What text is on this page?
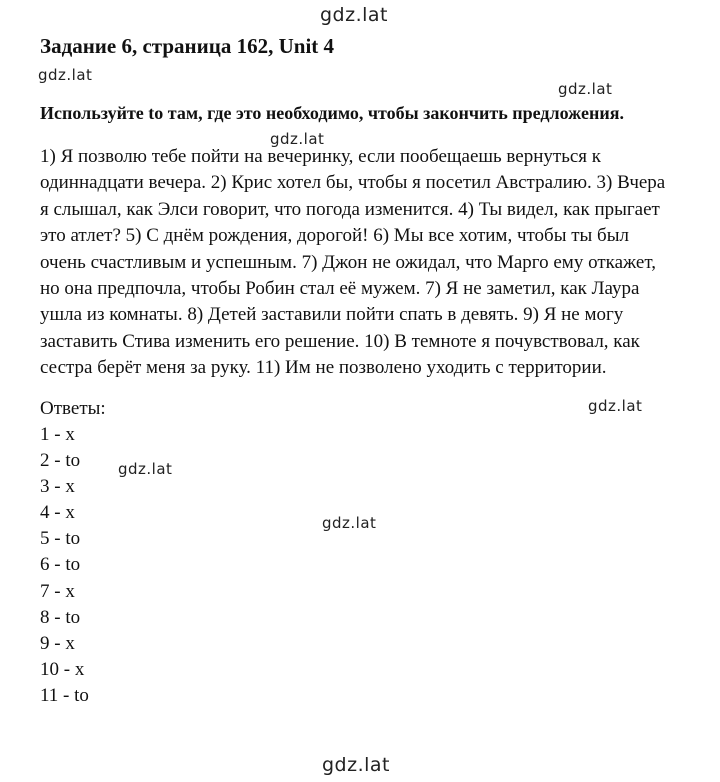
gdz.lat
Задание 6, страница 162, Unit 4
gdz.lat
gdz.lat

Используйте to там, где это необходимо, чтобы закончить предложения.

gdz.lat

1) Я позволю тебе пойти на вечеринку, если пообещаешь вернуться к
одиннадцати вечера. 2) Крис хотел бы, чтобы я посетил Австралию. 3) Вчера
я слышал, как Элси говорит, что погода изменится. 4) Ты видел, как прыгает
это атлет? 5) С днём рождения, дорогой! 6) Мы все хотим, чтобы ты был
очень счастливым и успешным. 7) Джон не ожидал, что Марго ему откажет,
но она предпочла, чтобы Робин стал её мужем. 7) Я не заметил, как Лаура
ушла из комнаты. 8) Детей заставили пойти спать в девять. 9) Я не могу
заставить Стива изменить его решение. 10) В темноте я почувствовал, как
сестра берёт меня за руку. 11) Им не позволено уходить с территории.

Ответы:	gdz.lat
gdz.lat
gdz.lat
1 - x
2 - to
3 - x
4 - x
5 - to
6 - to
7 - x
8 - to
9 - x
10 - x
11 - to
gdz.lat
